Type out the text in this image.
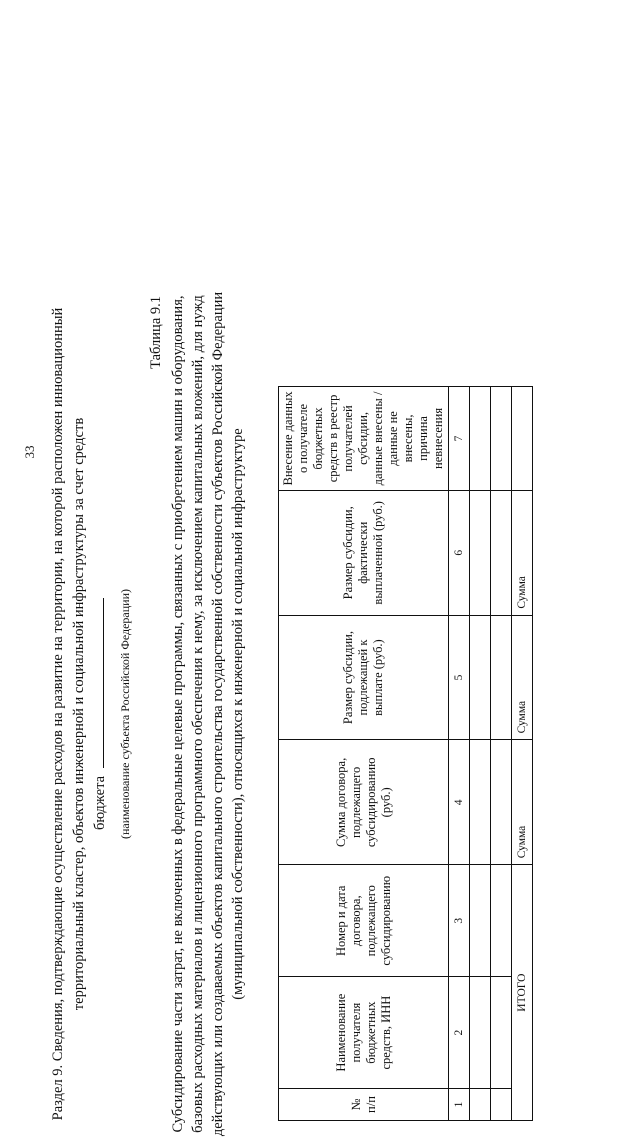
33 Раздел 9. Сведения, подтверждающие осуществление расходов на развитие на территории, на которой расположен инновационный территориальный кластер, объектов инженерной и социальной инфраструктуры за счет средств бюджета (наименование субъекта Российской Федерации)
Таблица 9.1 Субсидирование части затрат, не включенных в федеральные целевые программы, связанных с приобретением машин и оборудования, базовых расходных материалов и лицензионного программного обеспечения к нему, за исключением капитальных вложений, для нужд действующих или создаваемых объектов капитального строительства государственной собственности субъектов Российской Федерации (муниципальной собственности), относящихся к инженерной и социальной инфраструктуре
№ п/п	Наименование получателя бюджетных средств, ИНН	Номер и дата договора, подлежащего субсидированию	Сумма договора, подлежащего субсидированию (руб.)	Размер субсидии, подлежащей к выплате (руб.)	Размер субсидии, фактически выплаченной (руб.)	Внесение данных о получателе бюджетных средств в реестр получателей субсидии, данные внесены / данные не внесены, причина невнесения
1	2	3	4	5	6	7

ИТОГО			Сумма	Сумма	Сумма	
